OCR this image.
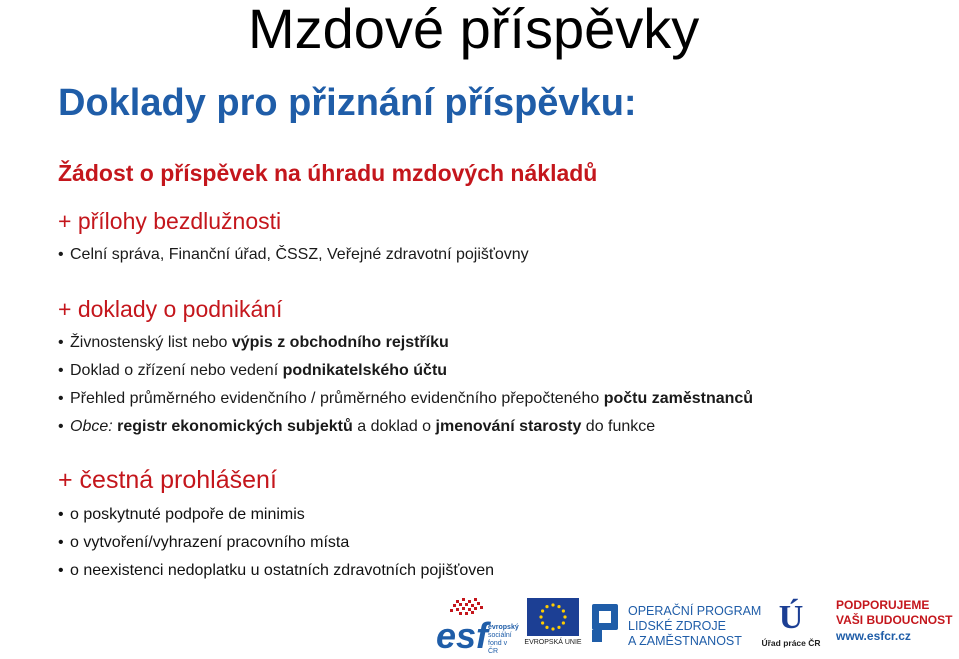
Mzdové příspěvky
Doklady pro přiznání příspěvku:
Žádost o příspěvek na úhradu mzdových nákladů
+ přílohy bezdlužnosti
• Celní správa, Finanční úřad, ČSSZ, Veřejné zdravotní pojišťovny
+ doklady o podnikání
• Živnostenský list nebo výpis z obchodního rejstříku
• Doklad o zřízení nebo vedení podnikatelského účtu
• Přehled průměrného evidenčního / průměrného evidenčního přepočteného počtu zaměstnanců
• Obce: registr ekonomických subjektů a doklad o jmenování starosty do funkce
+ čestná prohlášení
• o poskytnuté podpoře de minimis
• o vytvoření/vyhrazení pracovního místa
• o neexistenci nedoplatku u ostatních zdravotních pojišťoven
esf evropský
sociální
fond v ČR
EVROPSKÁ UNIE
OPERAČNÍ PROGRAM
LIDSKÉ ZDROJE
A ZAMĚSTNANOST
Ú
Úřad práce ČR
PODPORUJEME
VAŠI BUDOUCNOST
www.esfcr.cz
